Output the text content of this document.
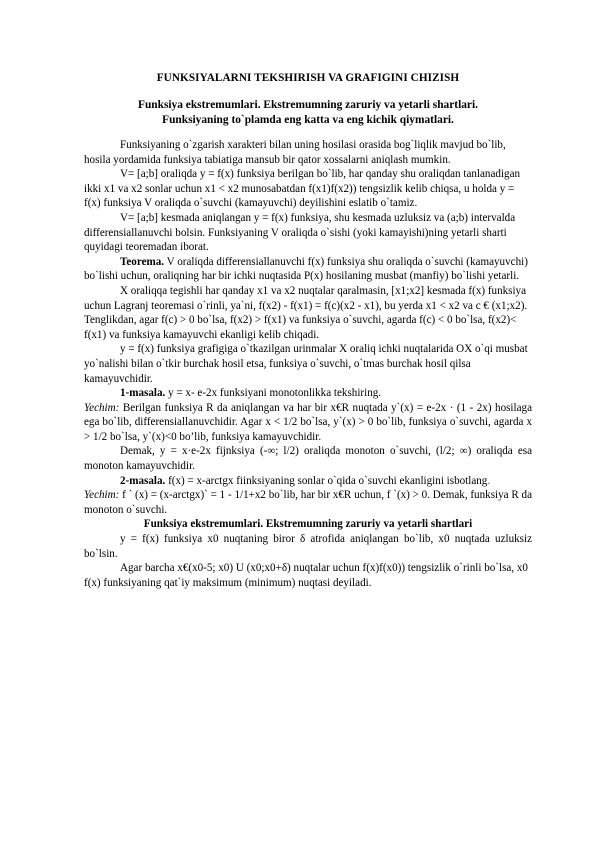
FUNKSIYALARNI TEKSHIRISH VA GRAFIGINI CHIZISH
Funksiya ekstremumlari. Ekstremumning zaruriy va yetarli shartlari.
Funksiyaning to`plamda eng katta va eng kichik qiymatlari.

Funksiyaning o`zgarish xarakteri bilan uning hosilasi orasida bog`liqlik mavjud bo`lib, hosila yordamida funksiya tabiatiga mansub bir qator xossalarni aniqlash mumkin.

V= [a;b] oraliqda y = f(x) funksiya berilgan bo`lib, har qanday shu oraliqdan tanlanadigan ikki x1 va x2 sonlar uchun x1 < x2 munosabatdan f(x1)f(x2)) tengsizlik kelib chiqsa, u holda y = f(x) funksiya V oraliqda o`suvchi (kamayuvchi) deyilishini eslatib o`tamiz.

V= [a;b] kesmada aniqlangan y = f(x) funksiya, shu kesmada uzluksiz va (a;b) intervalda differensiallanuvchi bolsin. Funksiyaning V oraliqda o`sishi (yoki kamayishi)ning yetarli sharti quyidagi teoremadan iborat.

Teorema. V oraliqda differensiallanuvchi f(x) funksiya shu oraliqda o`suvchi (kamayuvchi) bo`lishi uchun, oraliqning har bir ichki nuqtasida P(x) hosilaning musbat (manfiy) bo`lishi yetarli.

X oraliqqa tegishli har qanday x1 va x2 nuqtalar qaralmasin, [x1;x2] kesmada f(x) funksiya uchun Lagranj teoremasi o`rinli, ya`ni, f(x2) - f(x1) = f(c)(x2 - x1), bu yerda x1 < x2 va c € (x1;x2). Tenglikdan, agar f(c) > 0 bo`lsa, f(x2) > f(x1) va funksiya o`suvchi, agarda f(c) < 0 bo`lsa, f(x2)< f(x1) va funksiya kamayuvchi ekanligi kelib chiqadi.

y = f(x) funksiya grafigiga o`tkazilgan urinmalar X oraliq ichki nuqtalarida OX o`qi musbat yo`nalishi bilan o`tkir burchak hosil etsa, funksiya o`suvchi, o`tmas burchak hosil qilsa kamayuvchidir.

1-masala. y = x- e-2x funksiyani monotonlikka tekshiring.

Yechim: Berilgan funksiya R da aniqlangan va har bir x€R nuqtada y`(x) = e-2x · (1 - 2x) hosilaga ega bo`lib, differensiallanuvchidir. Agar x < 1/2 bo`lsa, y`(x) > 0 bo`lib, funksiya o`suvchi, agarda x > 1/2 bo`lsa, y`(x)<0 bo’lib, funksiya kamayuvchidir.

Demak, y = x·e-2x fijnksiya (-∞; l/2) oraliqda monoton o`suvchi, (l/2; ∞) oraliqda esa monoton kamayuvchidir.

2-masala. f(x) = x-arctgx fiinksiyaning sonlar o`qida o`suvchi ekanligini isbotlang.

Yechim: f ` (x) = (x-arctgx)` = 1 - 1/1+x2 bo`lib, har bir x€R uchun, f `(x) > 0. Demak, funksiya R da monoton o`suvchi.

Funksiya ekstremumlari. Ekstremumning zaruriy va yetarli shartlari

y = f(x) funksiya x0 nuqtaning biror δ atrofida aniqlangan bo`lib, x0 nuqtada uzluksiz bo`lsin.

Agar barcha x€(x0-5; x0) U (x0;x0+δ) nuqtalar uchun f(x)f(x0)) tengsizlik o`rinli bo`lsa, x0 f(x) funksiyaning qat`iy maksimum (minimum) nuqtasi deyiladi.
